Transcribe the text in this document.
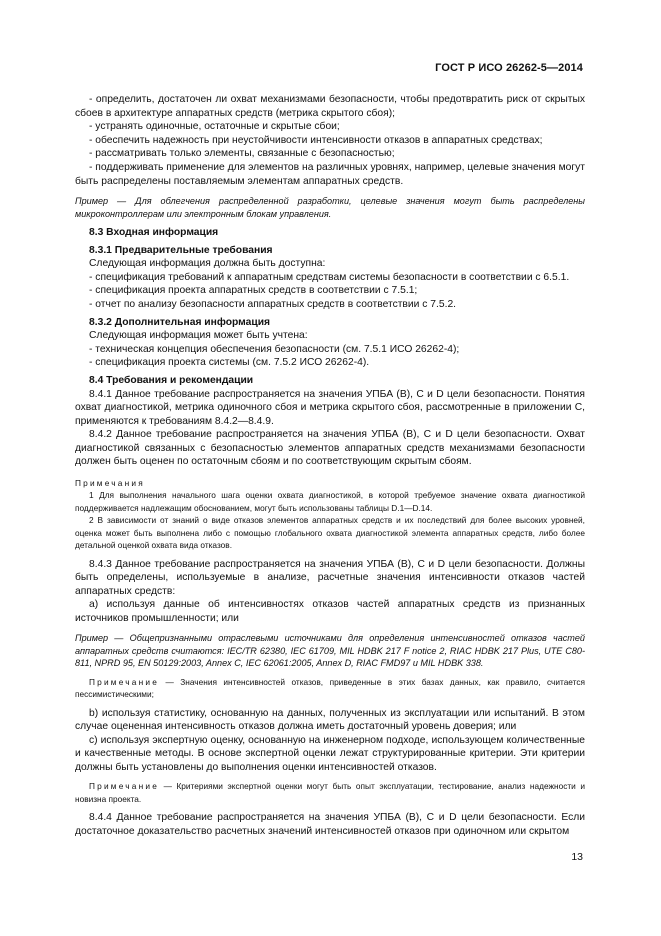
ГОСТ Р ИСО 26262-5—2014

- определить, достаточен ли охват механизмами безопасности, чтобы предотвратить риск от скрытых сбоев в архитектуре аппаратных средств (метрика скрытого сбоя);

- устранять одиночные, остаточные и скрытые сбои;

- обеспечить надежность при неустойчивости интенсивности отказов в аппаратных средствах;

- рассматривать только элементы, связанные с безопасностью;

- поддерживать применение для элементов на различных уровнях, например, целевые значения могут быть распределены поставляемым элементам аппаратных средств.

Пример — Для облегчения распределенной разработки, целевые значения могут быть распределены микроконтроллерам или электронным блокам управления.

8.3 Входная информация

8.3.1 Предварительные требования

Следующая информация должна быть доступна:

- спецификация требований к аппаратным средствам системы безопасности в соответствии с 6.5.1.

- спецификация проекта аппаратных средств в соответствии с 7.5.1;

- отчет по анализу безопасности аппаратных средств в соответствии с 7.5.2.

8.3.2 Дополнительная информация

Следующая информация может быть учтена:

- техническая концепция обеспечения безопасности (см. 7.5.1 ИСО 26262-4);

- спецификация проекта системы (см. 7.5.2 ИСО 26262-4).

8.4 Требования и рекомендации

8.4.1 Данное требование распространяется на значения УПБА (B), C и D цели безопасности. Понятия охват диагностикой, метрика одиночного сбоя и метрика скрытого сбоя, рассмотренные в приложении С, применяются к требованиям 8.4.2—8.4.9.

8.4.2 Данное требование распространяется на значения УПБА (B), C и D цели безопасности. Охват диагностикой связанных с безопасностью элементов аппаратных средств механизмами безопасности должен быть оценен по остаточным сбоям и по соответствующим скрытым сбоям.

Примечания

1 Для выполнения начального шага оценки охвата диагностикой, в которой требуемое значение охвата диагностикой поддерживается надлежащим обоснованием, могут быть использованы таблицы D.1—D.14.

2 В зависимости от знаний о виде отказов элементов аппаратных средств и их последствий для более высоких уровней, оценка может быть выполнена либо с помощью глобального охвата диагностикой элемента аппаратных средств, либо более детальной оценкой охвата вида отказов.

8.4.3 Данное требование распространяется на значения УПБА (B), C и D цели безопасности. Должны быть определены, используемые в анализе, расчетные значения интенсивности отказов частей аппаратных средств:

а) используя данные об интенсивностях отказов частей аппаратных средств из признанных источников промышленности; или

Пример — Общепризнанными отраслевыми источниками для определения интенсивностей отказов частей аппаратных средств считаются: IEC/TR 62380, IEC 61709, MIL HDBK 217 F notice 2, RIAC HDBK 217 Plus, UTE C80-811, NPRD 95, EN 50129:2003, Annex C, IEC 62061:2005, Annex D, RIAC FMD97 и MIL HDBK 338.

Примечание — Значения интенсивностей отказов, приведенные в этих базах данных, как правило, считается пессимистическими;

b) используя статистику, основанную на данных, полученных из эксплуатации или испытаний. В этом случае оцененная интенсивность отказов должна иметь достаточный уровень доверия; или

c) используя экспертную оценку, основанную на инженерном подходе, использующем количественные и качественные методы. В основе экспертной оценки лежат структурированные критерии. Эти критерии должны быть установлены до выполнения оценки интенсивностей отказов.

Примечание — Критериями экспертной оценки могут быть опыт эксплуатации, тестирование, анализ надежности и новизна проекта.

8.4.4 Данное требование распространяется на значения УПБА (B), C и D цели безопасности. Если достаточное доказательство расчетных значений интенсивностей отказов при одиночном или скрытом

13
